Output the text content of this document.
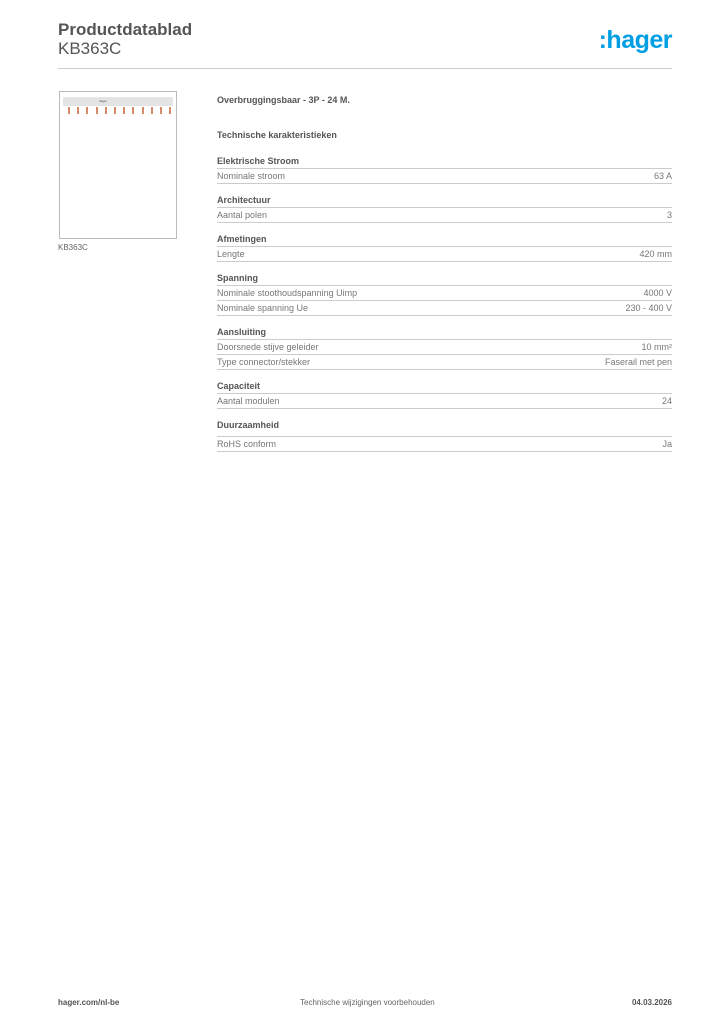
Productdatablad
KB363C	:hager
hager
KB363C
Overbruggingsbaar - 3P - 24 M.
Technische karakteristieken
Elektrische Stroom
Nominale stroom	63 A
Architectuur
Aantal polen	3
Afmetingen
Lengte	420 mm
Spanning
Nominale stoothoudspanning Uimp	4000 V
Nominale spanning Ue	230 - 400 V
Aansluiting
Doorsnede stijve geleider	10 mm²
Type connector/stekker	Faserail met pen
Capaciteit
Aantal modulen	24
Duurzaamheid
RoHS conform	Ja
hager.com/nl-be	Technische wijzigingen voorbehouden	04.03.2026
